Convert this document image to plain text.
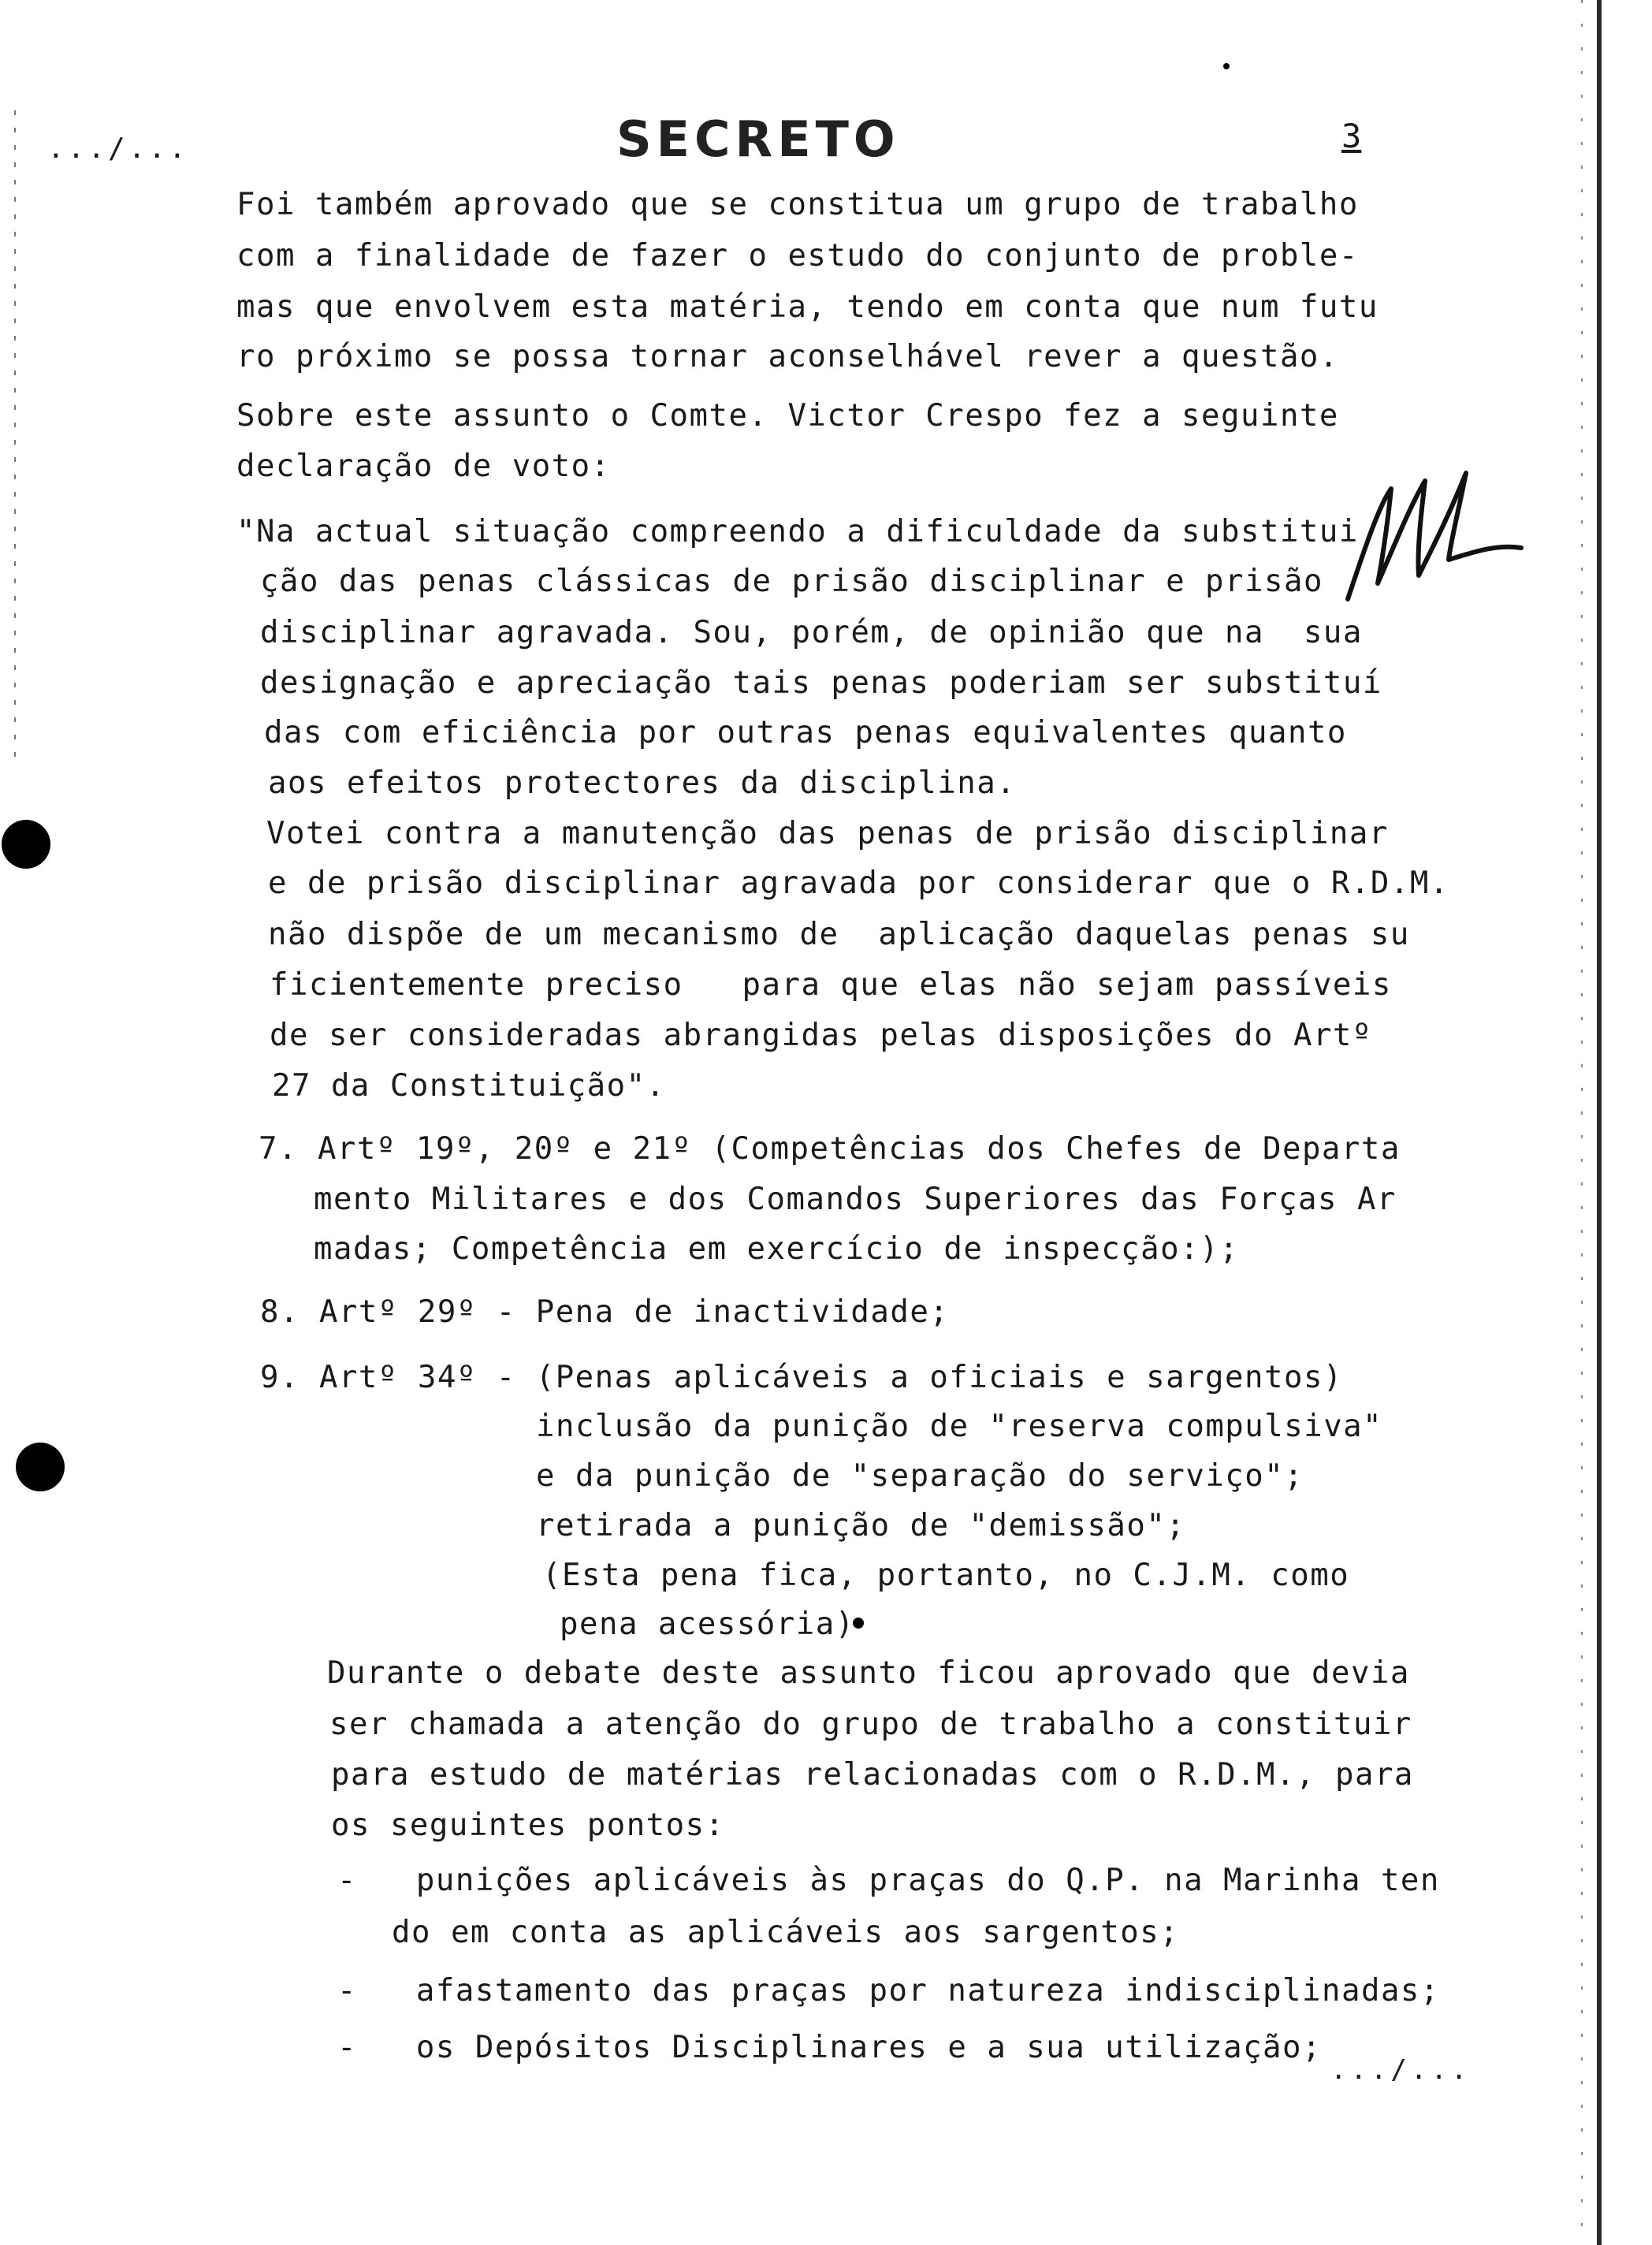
.../...	SECRETO	3
Foi também aprovado que se constitua um grupo de trabalho
com a finalidade de fazer o estudo do conjunto de proble-
mas que envolvem esta matéria, tendo em conta que num futu
ro próximo se possa tornar aconselhável rever a questão.
Sobre este assunto o Comte. Victor Crespo fez a seguinte
declaração de voto:
"Na actual situação compreendo a dificuldade da substitui
ção das penas clássicas de prisão disciplinar e prisão
disciplinar agravada. Sou, porém, de opinião que na  sua
designação e apreciação tais penas poderiam ser substituí
das com eficiência por outras penas equivalentes quanto
aos efeitos protectores da disciplina.
Votei contra a manutenção das penas de prisão disciplinar
e de prisão disciplinar agravada por considerar que o R.D.M.
não dispõe de um mecanismo de  aplicação daquelas penas su
ficientemente preciso   para que elas não sejam passíveis
de ser consideradas abrangidas pelas disposições do Artº
27 da Constituição".
7. Artº 19º, 20º e 21º (Competências dos Chefes de Departa
mento Militares e dos Comandos Superiores das Forças Ar
madas; Competência em exercício de inspecção:);
8. Artº 29º - Pena de inactividade;
9. Artº 34º - (Penas aplicáveis a oficiais e sargentos)
inclusão da punição de "reserva compulsiva"
e da punição de "separação do serviço";
retirada a punição de "demissão";
(Esta pena fica, portanto, no C.J.M. como
pena acessória)
Durante o debate deste assunto ficou aprovado que devia
ser chamada a atenção do grupo de trabalho a constituir
para estudo de matérias relacionadas com o R.D.M., para
os seguintes pontos:
-   punições aplicáveis às praças do Q.P. na Marinha ten
do em conta as aplicáveis aos sargentos;
-   afastamento das praças por natureza indisciplinadas;
-   os Depósitos Disciplinares e a sua utilização;
.../...
